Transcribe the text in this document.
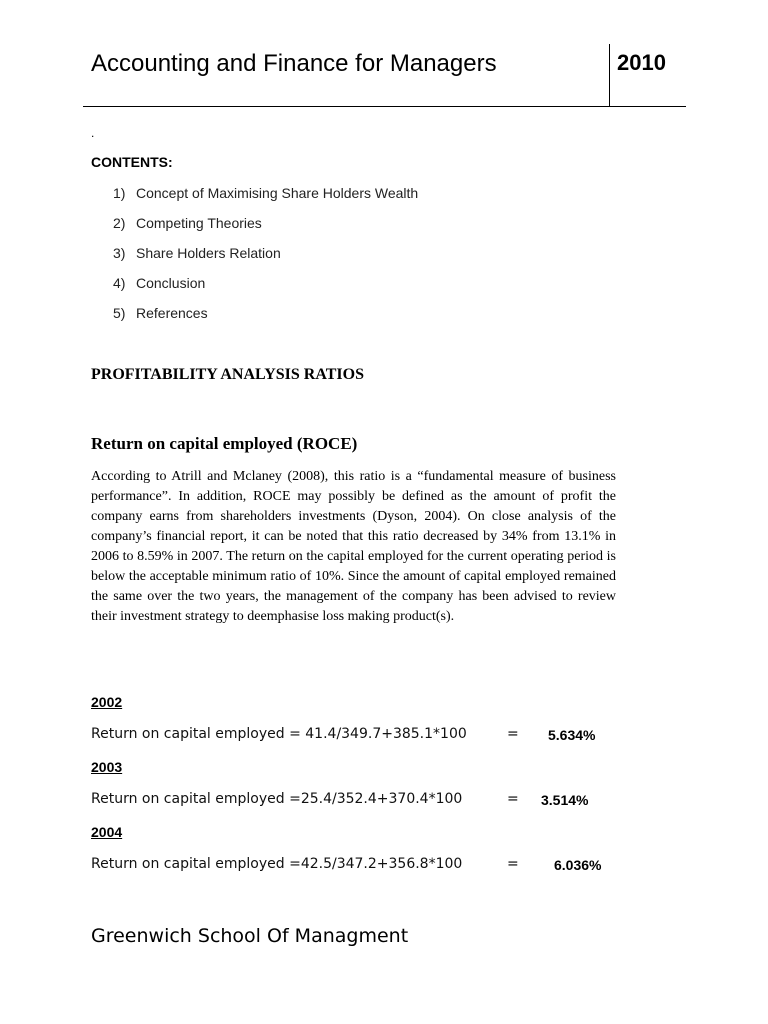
Accounting and Finance for Managers	2010
.
CONTENTS:
1) Concept of Maximising Share Holders Wealth
2) Competing Theories
3) Share Holders Relation
4) Conclusion
5) References
PROFITABILITY ANALYSIS RATIOS
Return on capital employed (ROCE)

According to Atrill and Mclaney (2008), this ratio is a “fundamental measure of business performance”. In addition, ROCE may possibly be defined as the amount of profit the company earns from shareholders investments (Dyson, 2004). On close analysis of the company’s financial report, it can be noted that this ratio decreased by 34% from 13.1% in 2006 to 8.59% in 2007. The return on the capital employed for the current operating period is below the acceptable minimum ratio of 10%. Since the amount of capital employed remained the same over the two years, the management of the company has been advised to review their investment strategy to deemphasise loss making product(s).

2002
Return on capital employed = 41.4/349.7+385.1*100	= 5.634%
2003
Return on capital employed =25.4/352.4+370.4*100	= 3.514%
2004
Return on capital employed =42.5/347.2+356.8*100	=	6.036%
Greenwich School Of Managment
